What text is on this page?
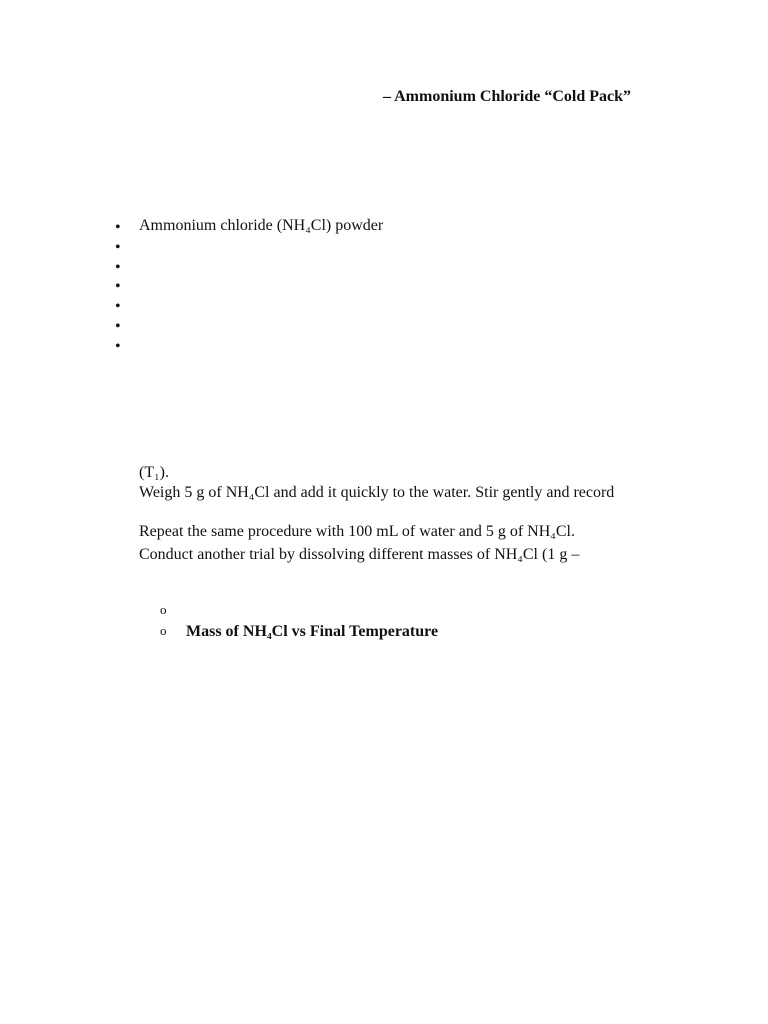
– Ammonium Chloride “Cold Pack”
• Ammonium chloride (NH₄Cl) powder
•
•
•
•
•
•
(T₁).
Weigh 5 g of NH₄Cl and add it quickly to the water. Stir gently and record
Repeat the same procedure with 100 mL of water and 5 g of NH₄Cl.
Conduct another trial by dissolving different masses of NH₄Cl (1 g –
o
o Mass of NH₄Cl vs Final Temperature
